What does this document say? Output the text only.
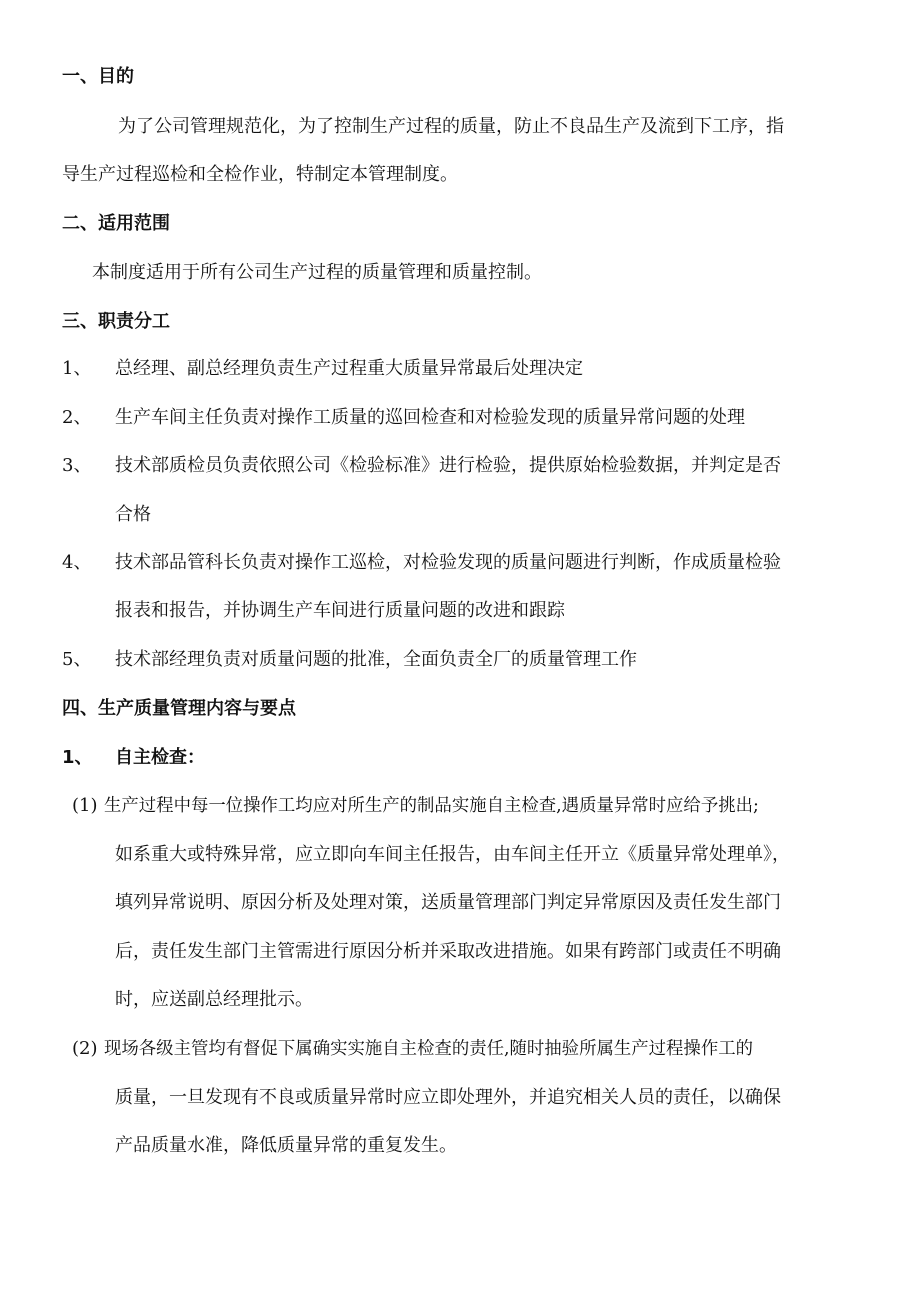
一、目的
为了公司管理规范化，为了控制生产过程的质量，防止不良品生产及流到下工序，指
导生产过程巡检和全检作业，特制定本管理制度。
二、适用范围
本制度适用于所有公司生产过程的质量管理和质量控制。
三、职责分工
1、 总经理、副总经理负责生产过程重大质量异常最后处理决定
2、 生产车间主任负责对操作工质量的巡回检查和对检验发现的质量异常问题的处理
3、 技术部质检员负责依照公司《检验标准》进行检验，提供原始检验数据，并判定是否
合格
4、 技术部品管科长负责对操作工巡检，对检验发现的质量问题进行判断，作成质量检验
报表和报告，并协调生产车间进行质量问题的改进和跟踪
5、 技术部经理负责对质量问题的批准，全面负责全厂的质量管理工作
四、生产质量管理内容与要点
1、 自主检查：
(1) 生产过程中每一位操作工均应对所生产的制品实施自主检查,遇质量异常时应给予挑出;
如系重大或特殊异常，应立即向车间主任报告，由车间主任开立《质量异常处理单》，
填列异常说明、原因分析及处理对策，送质量管理部门判定异常原因及责任发生部门
后，责任发生部门主管需进行原因分析并采取改进措施。如果有跨部门或责任不明确
时，应送副总经理批示。
(2) 现场各级主管均有督促下属确实实施自主检查的责任,随时抽验所属生产过程操作工的
质量，一旦发现有不良或质量异常时应立即处理外，并追究相关人员的责任，以确保
产品质量水准，降低质量异常的重复发生。
